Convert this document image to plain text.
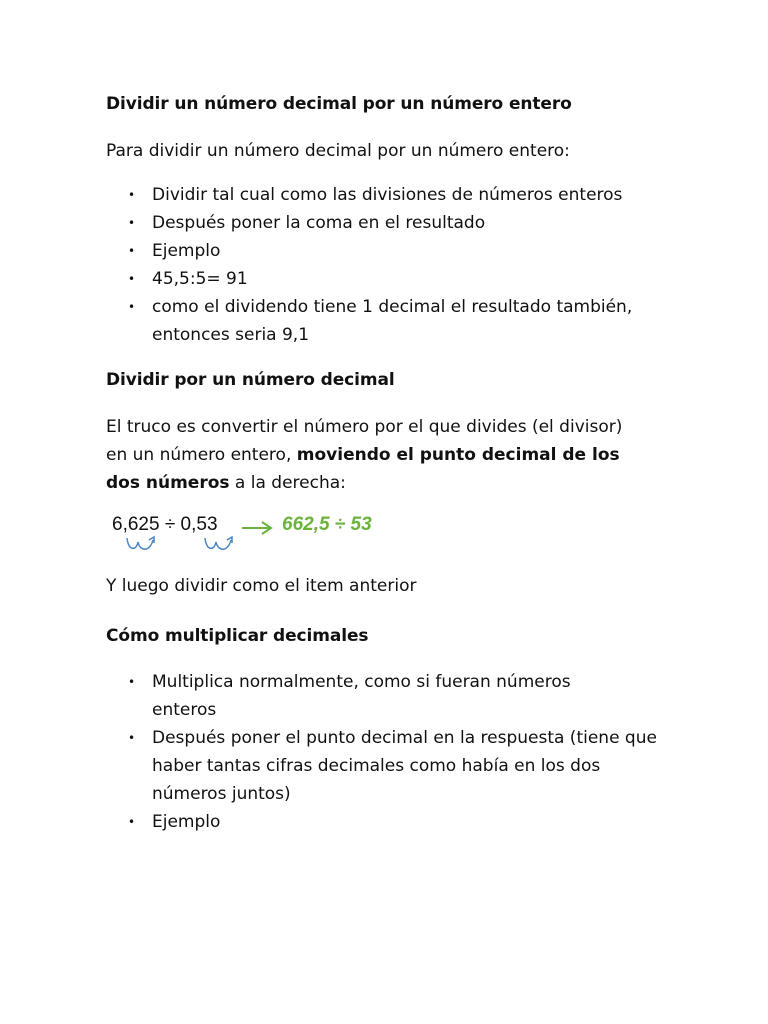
Dividir un número decimal por un número entero

Para dividir un número decimal por un número entero:

• Dividir tal cual como las divisiones de números enteros
• Después poner la coma en el resultado
• Ejemplo
• 45,5:5= 91
• como el dividendo tiene 1 decimal el resultado también, entonces seria 9,1
Dividir por un número decimal

El truco es convertir el número por el que divides (el divisor) en un número entero, moviendo el punto decimal de los dos números a la derecha:

6,625 ÷ 0,53	662,5 ÷ 53

Y luego dividir como el item anterior

Cómo multiplicar decimales
• Multiplica normalmente, como si fueran números enteros
• Después poner el punto decimal en la respuesta (tiene que haber tantas cifras decimales como había en los dos números juntos)
• Ejemplo
